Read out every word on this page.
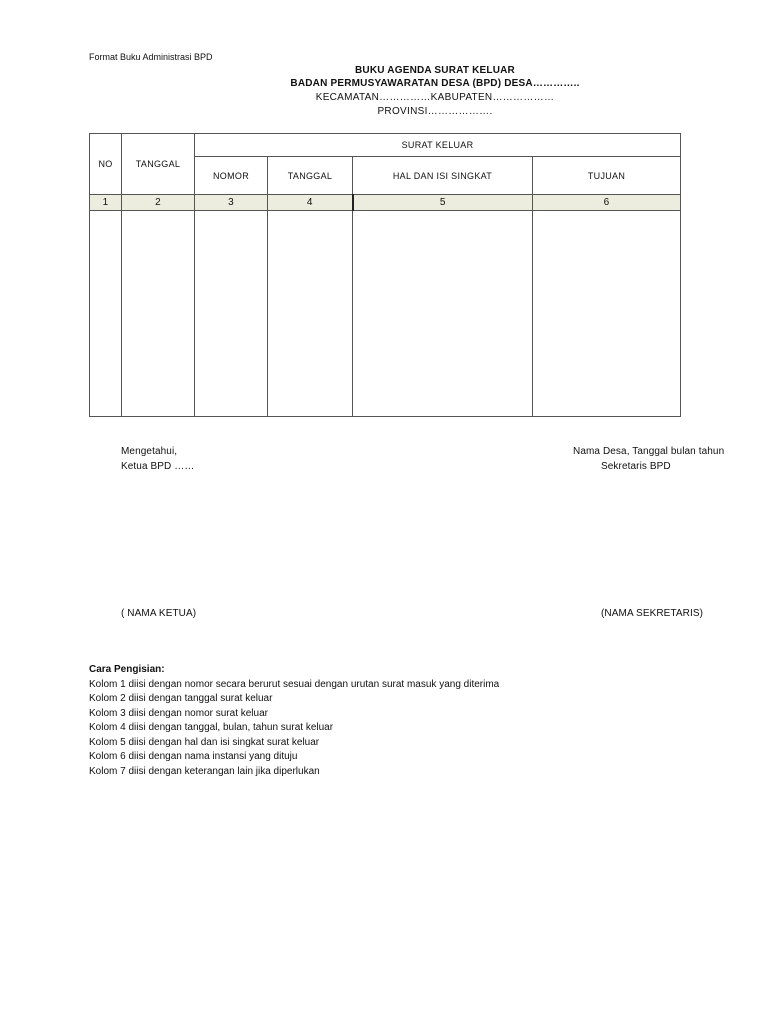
Format Buku Administrasi BPD
BUKU AGENDA SURAT KELUAR
BADAN PERMUSYAWARATAN DESA (BPD) DESA…………..
KECAMATAN……………KABUPATEN………………
PROVINSI……………….
NO	TANGGAL	SURAT KELUAR			
		NOMOR	TANGGAL	HAL DAN ISI SINGKAT	TUJUAN
1	2	3	4	5	6

Mengetahui,
Ketua BPD ……
Nama Desa, Tanggal bulan tahun
Sekretaris BPD
( NAMA KETUA)	(NAMA SEKRETARIS)
Cara Pengisian:
Kolom 1 diisi dengan nomor secara berurut sesuai dengan urutan surat masuk yang diterima
Kolom 2 diisi dengan tanggal surat keluar
Kolom 3 diisi dengan nomor surat keluar
Kolom 4 diisi dengan tanggal, bulan, tahun surat keluar
Kolom 5 diisi dengan hal dan isi singkat surat keluar
Kolom 6 diisi dengan nama instansi yang dituju
Kolom 7 diisi dengan keterangan lain jika diperlukan
